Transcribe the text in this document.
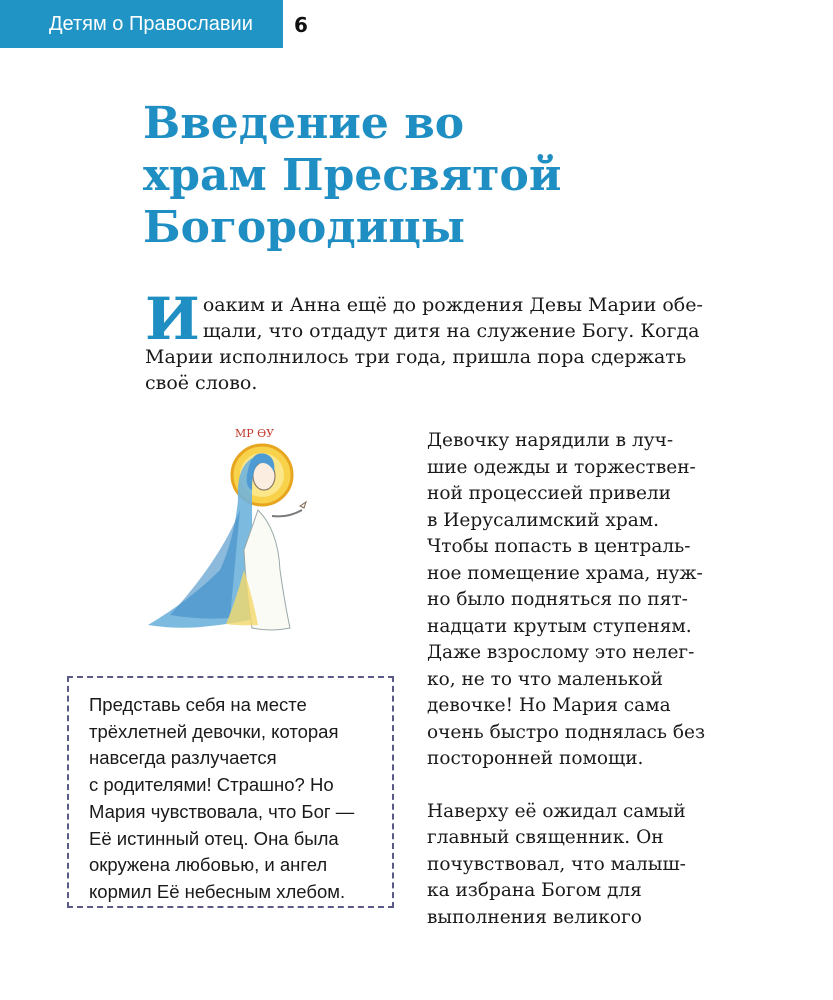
Детям о Православии 6
Введение во
храм Пресвятой
Богородицы
И оаким и Анна ещё до рождения Девы Марии обе-
щали, что отдадут дитя на служение Богу. Когда
Марии исполнилось три года, пришла пора сдержать
своё слово.
МР ѲУ	Девочку нарядили в луч-
шие одежды и торжествен-
ной процессией привели
в Иерусалимский храм.
Чтобы попасть в централь-
ное помещение храма, нуж-
но было подняться по пят-
надцати крутым ступеням.
Даже взрослому это нелег-
ко, не то что маленькой
девочке! Но Мария сама
очень быстро поднялась без
посторонней помощи.
Наверху её ожидал самый
главный священник. Он
почувствовал, что малыш-
ка избрана Богом для
выполнения великого
Представь себя на месте
трёхлетней девочки, которая
навсегда разлучается
с родителями! Страшно? Но
Мария чувствовала, что Бог —
Её истинный отец. Она была
окружена любовью, и ангел
кормил Её небесным хлебом.
